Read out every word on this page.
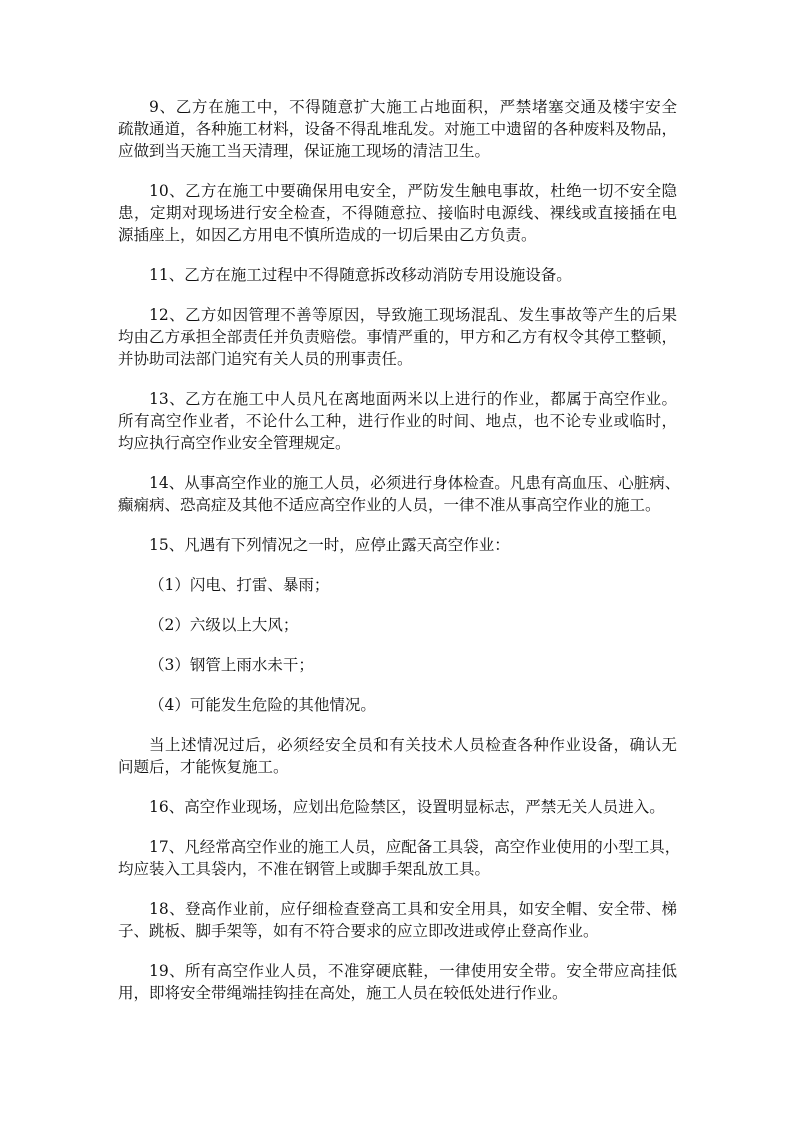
9、乙方在施工中，不得随意扩大施工占地面积，严禁堵塞交通及楼宇安全
疏散通道，各种施工材料，设备不得乱堆乱发。对施工中遗留的各种废料及物品，
应做到当天施工当天清理，保证施工现场的清洁卫生。
10、乙方在施工中要确保用电安全，严防发生触电事故，杜绝一切不安全隐
患，定期对现场进行安全检查，不得随意拉、接临时电源线、裸线或直接插在电
源插座上，如因乙方用电不慎所造成的一切后果由乙方负责。
11、乙方在施工过程中不得随意拆改移动消防专用设施设备。
12、乙方如因管理不善等原因，导致施工现场混乱、发生事故等产生的后果
均由乙方承担全部责任并负责赔偿。事情严重的，甲方和乙方有权令其停工整顿，
并协助司法部门追究有关人员的刑事责任。
13、乙方在施工中人员凡在离地面两米以上进行的作业，都属于高空作业。
所有高空作业者，不论什么工种，进行作业的时间、地点，也不论专业或临时，
均应执行高空作业安全管理规定。
14、从事高空作业的施工人员，必须进行身体检查。凡患有高血压、心脏病、
癫痫病、恐高症及其他不适应高空作业的人员，一律不准从事高空作业的施工。
15、凡遇有下列情况之一时，应停止露天高空作业：
（1）闪电、打雷、暴雨；
（2）六级以上大风；
（3）钢管上雨水未干；
（4）可能发生危险的其他情况。
当上述情况过后，必须经安全员和有关技术人员检查各种作业设备，确认无
问题后，才能恢复施工。
16、高空作业现场，应划出危险禁区，设置明显标志，严禁无关人员进入。
17、凡经常高空作业的施工人员，应配备工具袋，高空作业使用的小型工具，
均应装入工具袋内，不准在钢管上或脚手架乱放工具。
18、登高作业前，应仔细检查登高工具和安全用具，如安全帽、安全带、梯
子、跳板、脚手架等，如有不符合要求的应立即改进或停止登高作业。
19、所有高空作业人员，不准穿硬底鞋，一律使用安全带。安全带应高挂低
用，即将安全带绳端挂钩挂在高处，施工人员在较低处进行作业。
